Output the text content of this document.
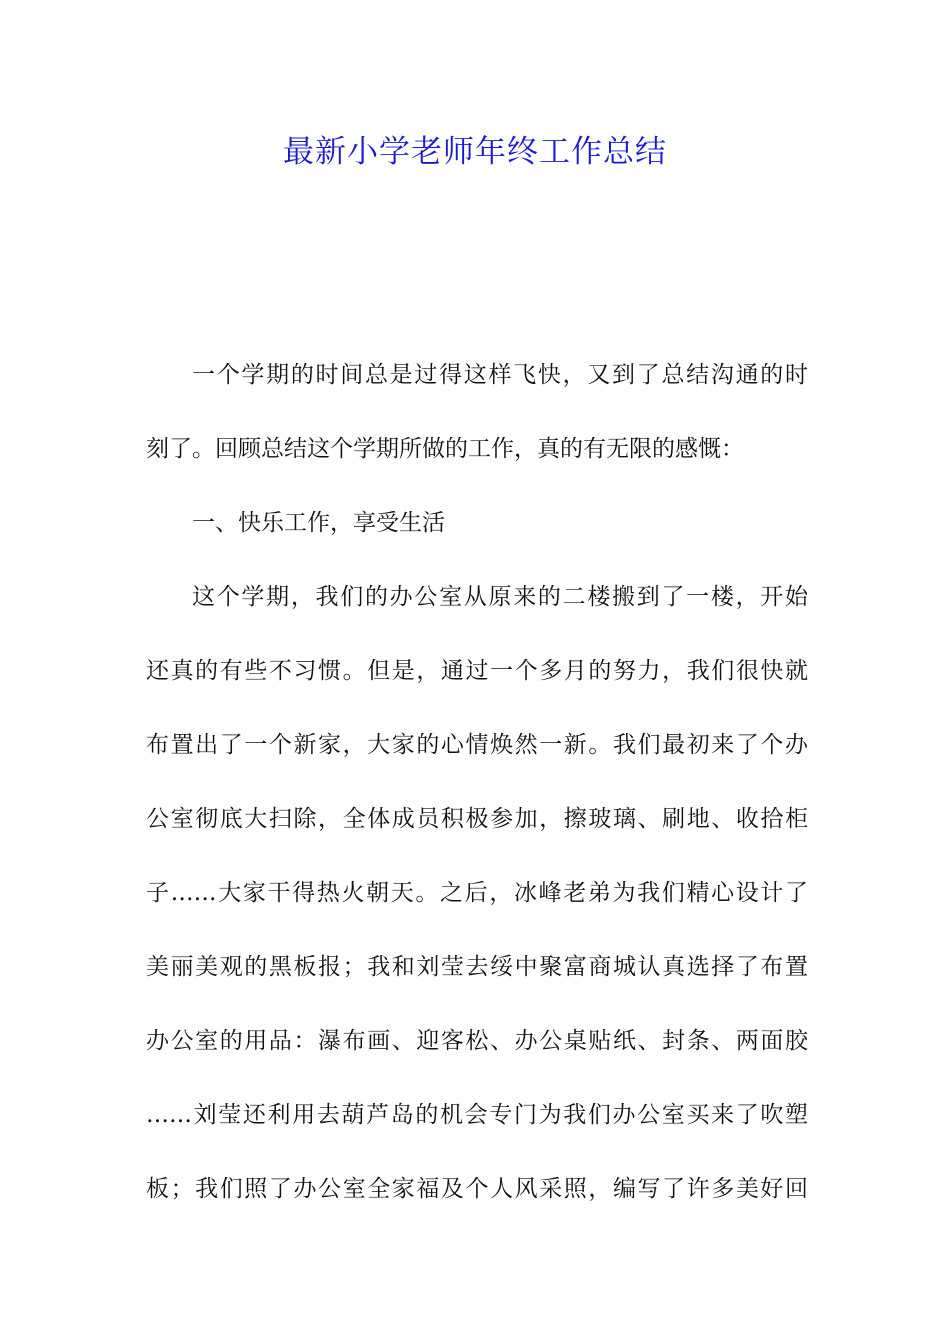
最新小学老师年终工作总结
一个学期的时间总是过得这样飞快，又到了总结沟通的时
刻了。回顾总结这个学期所做的工作，真的有无限的感慨：
一、快乐工作，享受生活
这个学期，我们的办公室从原来的二楼搬到了一楼，开始
还真的有些不习惯。但是，通过一个多月的努力，我们很快就
布置出了一个新家，大家的心情焕然一新。我们最初来了个办
公室彻底大扫除，全体成员积极参加，擦玻璃、刷地、收拾柜
子……大家干得热火朝天。之后，冰峰老弟为我们精心设计了
美丽美观的黑板报；我和刘莹去绥中聚富商城认真选择了布置
办公室的用品：瀑布画、迎客松、办公桌贴纸、封条、两面胶
……刘莹还利用去葫芦岛的机会专门为我们办公室买来了吹塑
板；我们照了办公室全家福及个人风采照，编写了许多美好回
